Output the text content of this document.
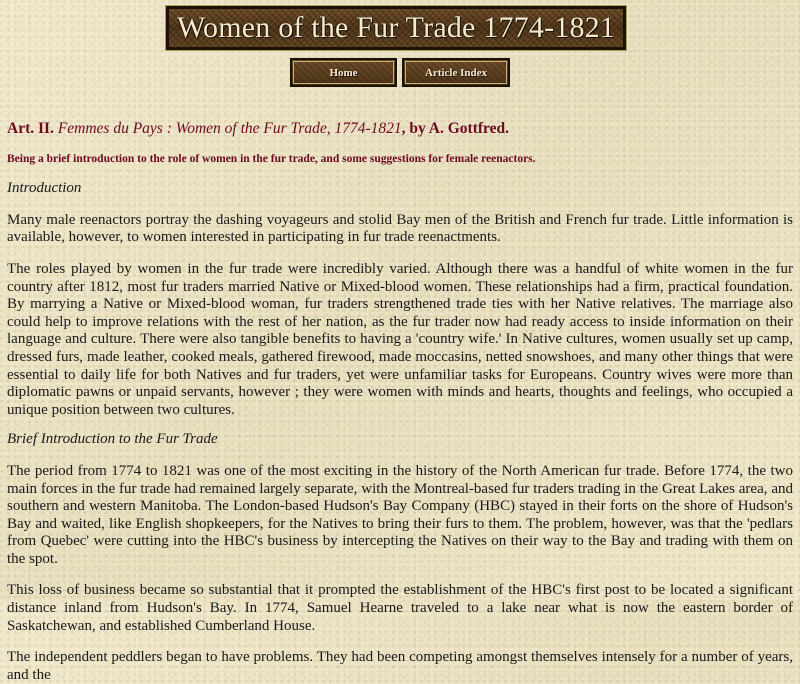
Women of the Fur Trade 1774-1821
Home	Article Index
Art. II. Femmes du Pays : Women of the Fur Trade, 1774-1821, by A. Gottfred.

Being a brief introduction to the role of women in the fur trade, and some suggestions for female reenactors.

Introduction

Many male reenactors portray the dashing voyageurs and stolid Bay men of the British and French fur trade. Little information is available, however, to women interested in participating in fur trade reenactments.

The roles played by women in the fur trade were incredibly varied. Although there was a handful of white women in the fur country after 1812, most fur traders married Native or Mixed-blood women. These relationships had a firm, practical foundation. By marrying a Native or Mixed-blood woman, fur traders strengthened trade ties with her Native relatives. The marriage also could help to improve relations with the rest of her nation, as the fur trader now had ready access to inside information on their language and culture. There were also tangible benefits to having a 'country wife.' In Native cultures, women usually set up camp, dressed furs, made leather, cooked meals, gathered firewood, made moccasins, netted snowshoes, and many other things that were essential to daily life for both Natives and fur traders, yet were unfamiliar tasks for Europeans. Country wives were more than diplomatic pawns or unpaid servants, however ; they were women with minds and hearts, thoughts and feelings, who occupied a unique position between two cultures.

Brief Introduction to the Fur Trade

The period from 1774 to 1821 was one of the most exciting in the history of the North American fur trade. Before 1774, the two main forces in the fur trade had remained largely separate, with the Montreal-based fur traders trading in the Great Lakes area, and southern and western Manitoba. The London-based Hudson's Bay Company (HBC) stayed in their forts on the shore of Hudson's Bay and waited, like English shopkeepers, for the Natives to bring their furs to them. The problem, however, was that the 'pedlars from Quebec' were cutting into the HBC's business by intercepting the Natives on their way to the Bay and trading with them on the spot.

This loss of business became so substantial that it prompted the establishment of the HBC's first post to be located a significant distance inland from Hudson's Bay. In 1774, Samuel Hearne traveled to a lake near what is now the eastern border of Saskatchewan, and established Cumberland House.

The independent peddlers began to have problems. They had been competing amongst themselves intensely for a number of years, and the
